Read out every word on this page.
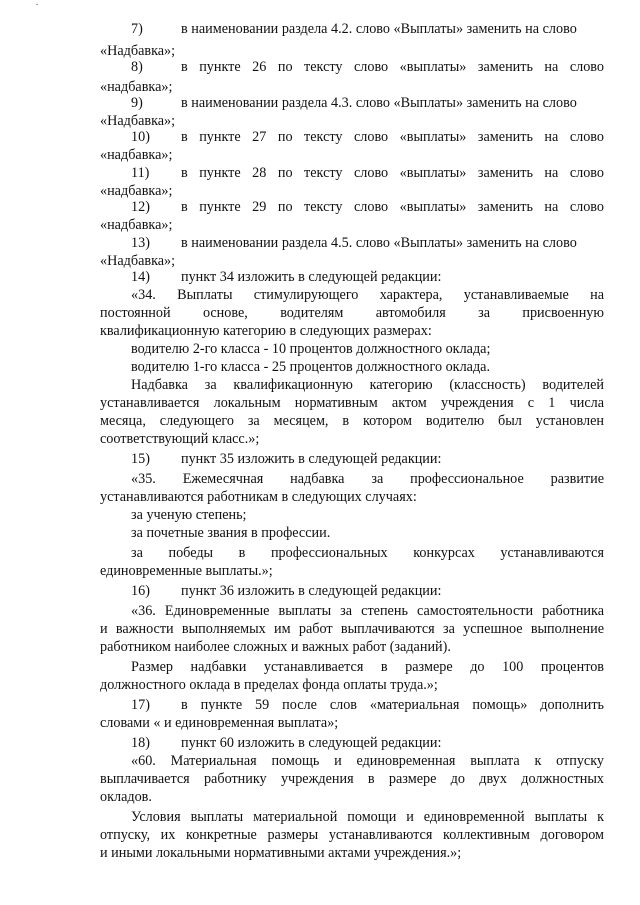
7)	в наименовании раздела 4.2. слово «Выплаты» заменить на слово
«Надбавка»;
8)	в пункте 26 по тексту слово «выплаты» заменить на слово
«надбавка»;
9)	в наименовании раздела 4.3. слово «Выплаты» заменить на слово
«Надбавка»;
10) в пункте 27 по тексту слово «выплаты» заменить на слово
«надбавка»;
11) в пункте 28 по тексту слово «выплаты» заменить на слово
«надбавка»;
12) в пункте 29 по тексту слово «выплаты» заменить на слово
«надбавка»;
13) в наименовании раздела 4.5. слово «Выплаты» заменить на слово
«Надбавка»;
14) пункт 34 изложить в следующей редакции:
«34. Выплаты стимулирующего характера, устанавливаемые на
постоянной основе, водителям автомобиля за присвоенную
квалификационную категорию в следующих размерах:
водителю 2-го класса - 10 процентов должностного оклада;
водителю 1-го класса - 25 процентов должностного оклада.
Надбавка за квалификационную категорию (классность) водителей
устанавливается локальным нормативным актом учреждения с 1 числа
месяца, следующего за месяцем, в котором водителю был установлен
соответствующий класс.»;
15) пункт 35 изложить в следующей редакции:
«35. Ежемесячная надбавка за профессиональное развитие
устанавливаются работникам в следующих случаях:
за ученую степень;
за почетные звания в профессии.
за победы в профессиональных конкурсах устанавливаются
единовременные выплаты.»;
16) пункт 36 изложить в следующей редакции:
«36. Единовременные выплаты за степень самостоятельности работника
и важности выполняемых им работ выплачиваются за успешное выполнение
работником наиболее сложных и важных работ (заданий).
Размер надбавки устанавливается в размере до 100 процентов
должностного оклада в пределах фонда оплаты труда.»;
17) в пункте 59 после слов «материальная помощь» дополнить
словами « и единовременная выплата»;
18) пункт 60 изложить в следующей редакции:
«60. Материальная помощь и единовременная выплата к отпуску
выплачивается работнику учреждения в размере до двух должностных
окладов.
Условия выплаты материальной помощи и единовременной выплаты к
отпуску, их конкретные размеры устанавливаются коллективным договором
и иными локальными нормативными актами учреждения.»;
